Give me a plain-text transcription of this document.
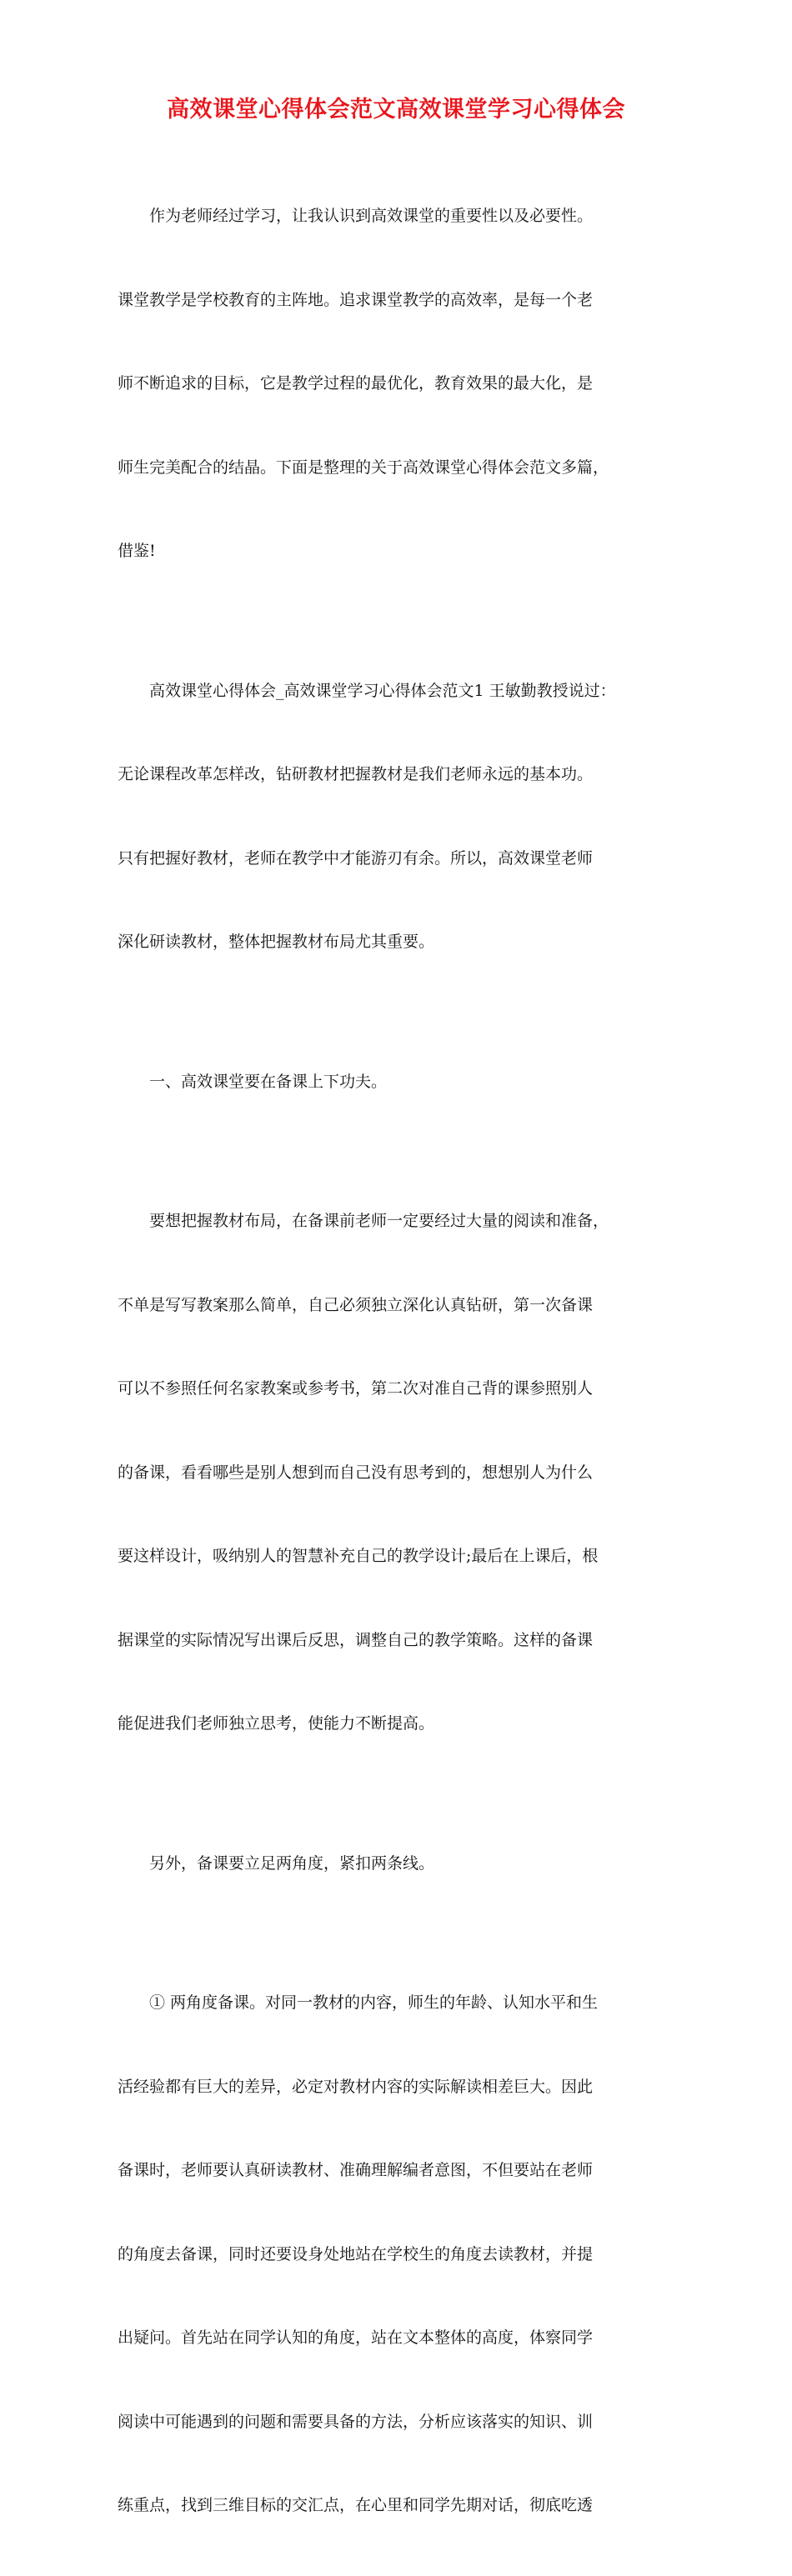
高效课堂心得体会范文高效课堂学习心得体会

作为老师经过学习，让我认识到高效课堂的重要性以及必要性。

课堂教学是学校教育的主阵地。追求课堂教学的高效率，是每一个老

师不断追求的目标，它是教学过程的最优化，教育效果的最大化，是

师生完美配合的结晶。下面是整理的关于高效课堂心得体会范文多篇，

借鉴!

高效课堂心得体会_高效课堂学习心得体会范文1 王敏勤教授说过：

无论课程改革怎样改，钻研教材把握教材是我们老师永远的基本功。

只有把握好教材，老师在教学中才能游刃有余。所以，高效课堂老师

深化研读教材，整体把握教材布局尤其重要。

一、高效课堂要在备课上下功夫。

要想把握教材布局，在备课前老师一定要经过大量的阅读和准备，

不单是写写教案那么简单，自己必须独立深化认真钻研，第一次备课

可以不参照任何名家教案或参考书，第二次对准自己背的课参照别人

的备课，看看哪些是别人想到而自己没有思考到的，想想别人为什么

要这样设计，吸纳别人的智慧补充自己的教学设计;最后在上课后，根

据课堂的实际情况写出课后反思，调整自己的教学策略。这样的备课

能促进我们老师独立思考，使能力不断提高。

另外，备课要立足两角度，紧扣两条线。

① 两角度备课。对同一教材的内容，师生的年龄、认知水平和生

活经验都有巨大的差异，必定对教材内容的实际解读相差巨大。因此

备课时，老师要认真研读教材、准确理解编者意图，不但要站在老师

的角度去备课，同时还要设身处地站在学校生的角度去读教材，并提

出疑问。首先站在同学认知的角度，站在文本整体的高度，体察同学

阅读中可能遇到的问题和需要具备的方法，分析应该落实的知识、训

练重点，找到三维目标的交汇点，在心里和同学先期对话，彻底吃透
